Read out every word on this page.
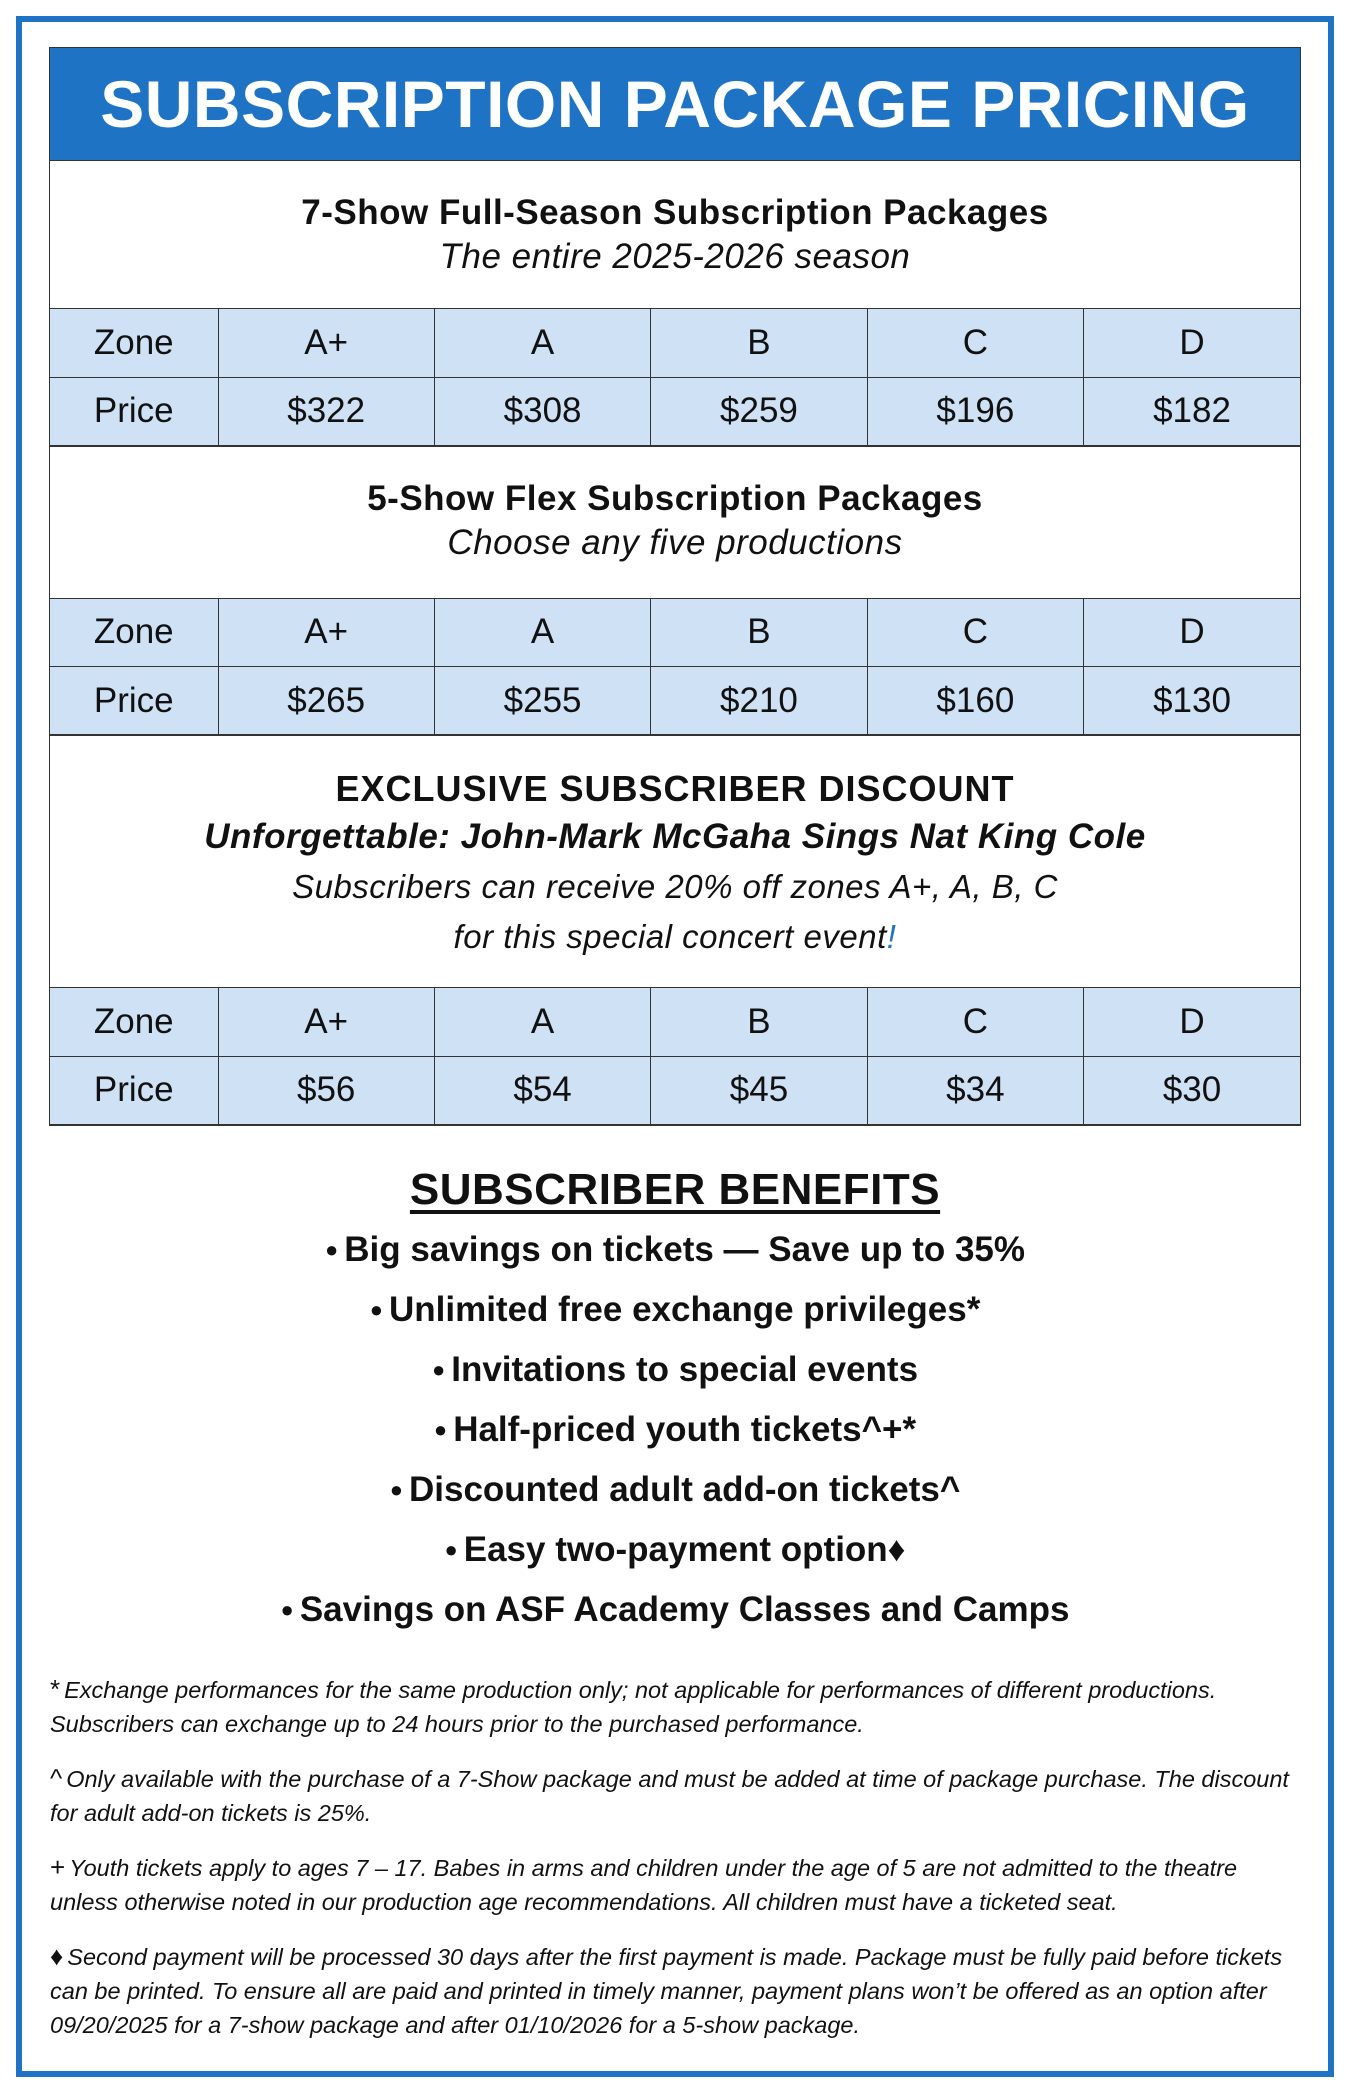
SUBSCRIPTION PACKAGE PRICING
7-Show Full-Season Subscription Packages
The entire 2025-2026 season
Zone	A+	A	B	C	D
Price	$322	$308	$259	$196	$182
5-Show Flex Subscription Packages
Choose any five productions
Zone	A+	A	B	C	D
Price	$265	$255	$210	$160	$130
EXCLUSIVE SUBSCRIBER DISCOUNT
Unforgettable: John-Mark McGaha Sings Nat King Cole
Subscribers can receive 20% off zones A+, A, B, C
for this special concert event!
Zone	A+	A	B	C	D
Price	$56	$54	$45	$34	$30
SUBSCRIBER BENEFITS
● Big savings on tickets — Save up to 35%
● Unlimited free exchange privileges*
● Invitations to special events
● Half-priced youth tickets^+*
● Discounted adult add-on tickets^
● Easy two-payment option♦
● Savings on ASF Academy Classes and Camps

* Exchange performances for the same production only; not applicable for performances of different productions. Subscribers can exchange up to 24 hours prior to the purchased performance.

^ Only available with the purchase of a 7-Show package and must be added at time of package purchase. The discount for adult add-on tickets is 25%.

+ Youth tickets apply to ages 7 – 17. Babes in arms and children under the age of 5 are not admitted to the theatre unless otherwise noted in our production age recommendations. All children must have a ticketed seat.

♦ Second payment will be processed 30 days after the first payment is made. Package must be fully paid before tickets can be printed. To ensure all are paid and printed in timely manner, payment plans won’t be offered as an option after 09/20/2025 for a 7-show package and after 01/10/2026 for a 5-show package.
